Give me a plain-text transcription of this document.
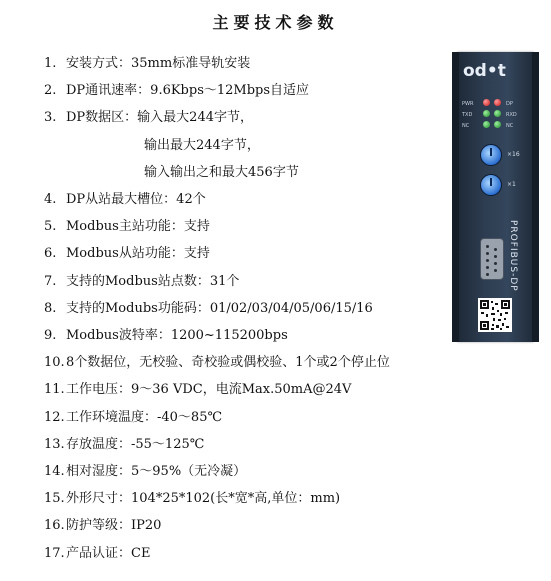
主要技术参数
1. 安装方式：35mm标准导轨安装
2. DP通讯速率：9.6Kbps～12Mbps自适应
3. DP数据区：输入最大244字节，
输出最大244字节，
输入输出之和最大456字节
4. DP从站最大槽位：42个
5. Modbus主站功能：支持
6. Modbus从站功能：支持
7. 支持的Modbus站点数：31个
8. 支持的Modubs功能码：01/02/03/04/05/06/15/16
9. Modbus波特率：1200~115200bps
10.8个数据位，无校验、奇校验或偶校验、1个或2个停止位
11.工作电压：9～36 VDC，电流Max.50mA@24V
12.工作环境温度：-40～85℃
13.存放温度：-55～125℃
14.相对湿度：5～95%（无冷凝）
15.外形尺寸：104*25*102(长*宽*高,单位：mm)
16.防护等级：IP20
17.产品认证：CE
od•t
PWR	DP
TXD	RXD
NC	NC
×16
×1
PROFIBUS-DP
